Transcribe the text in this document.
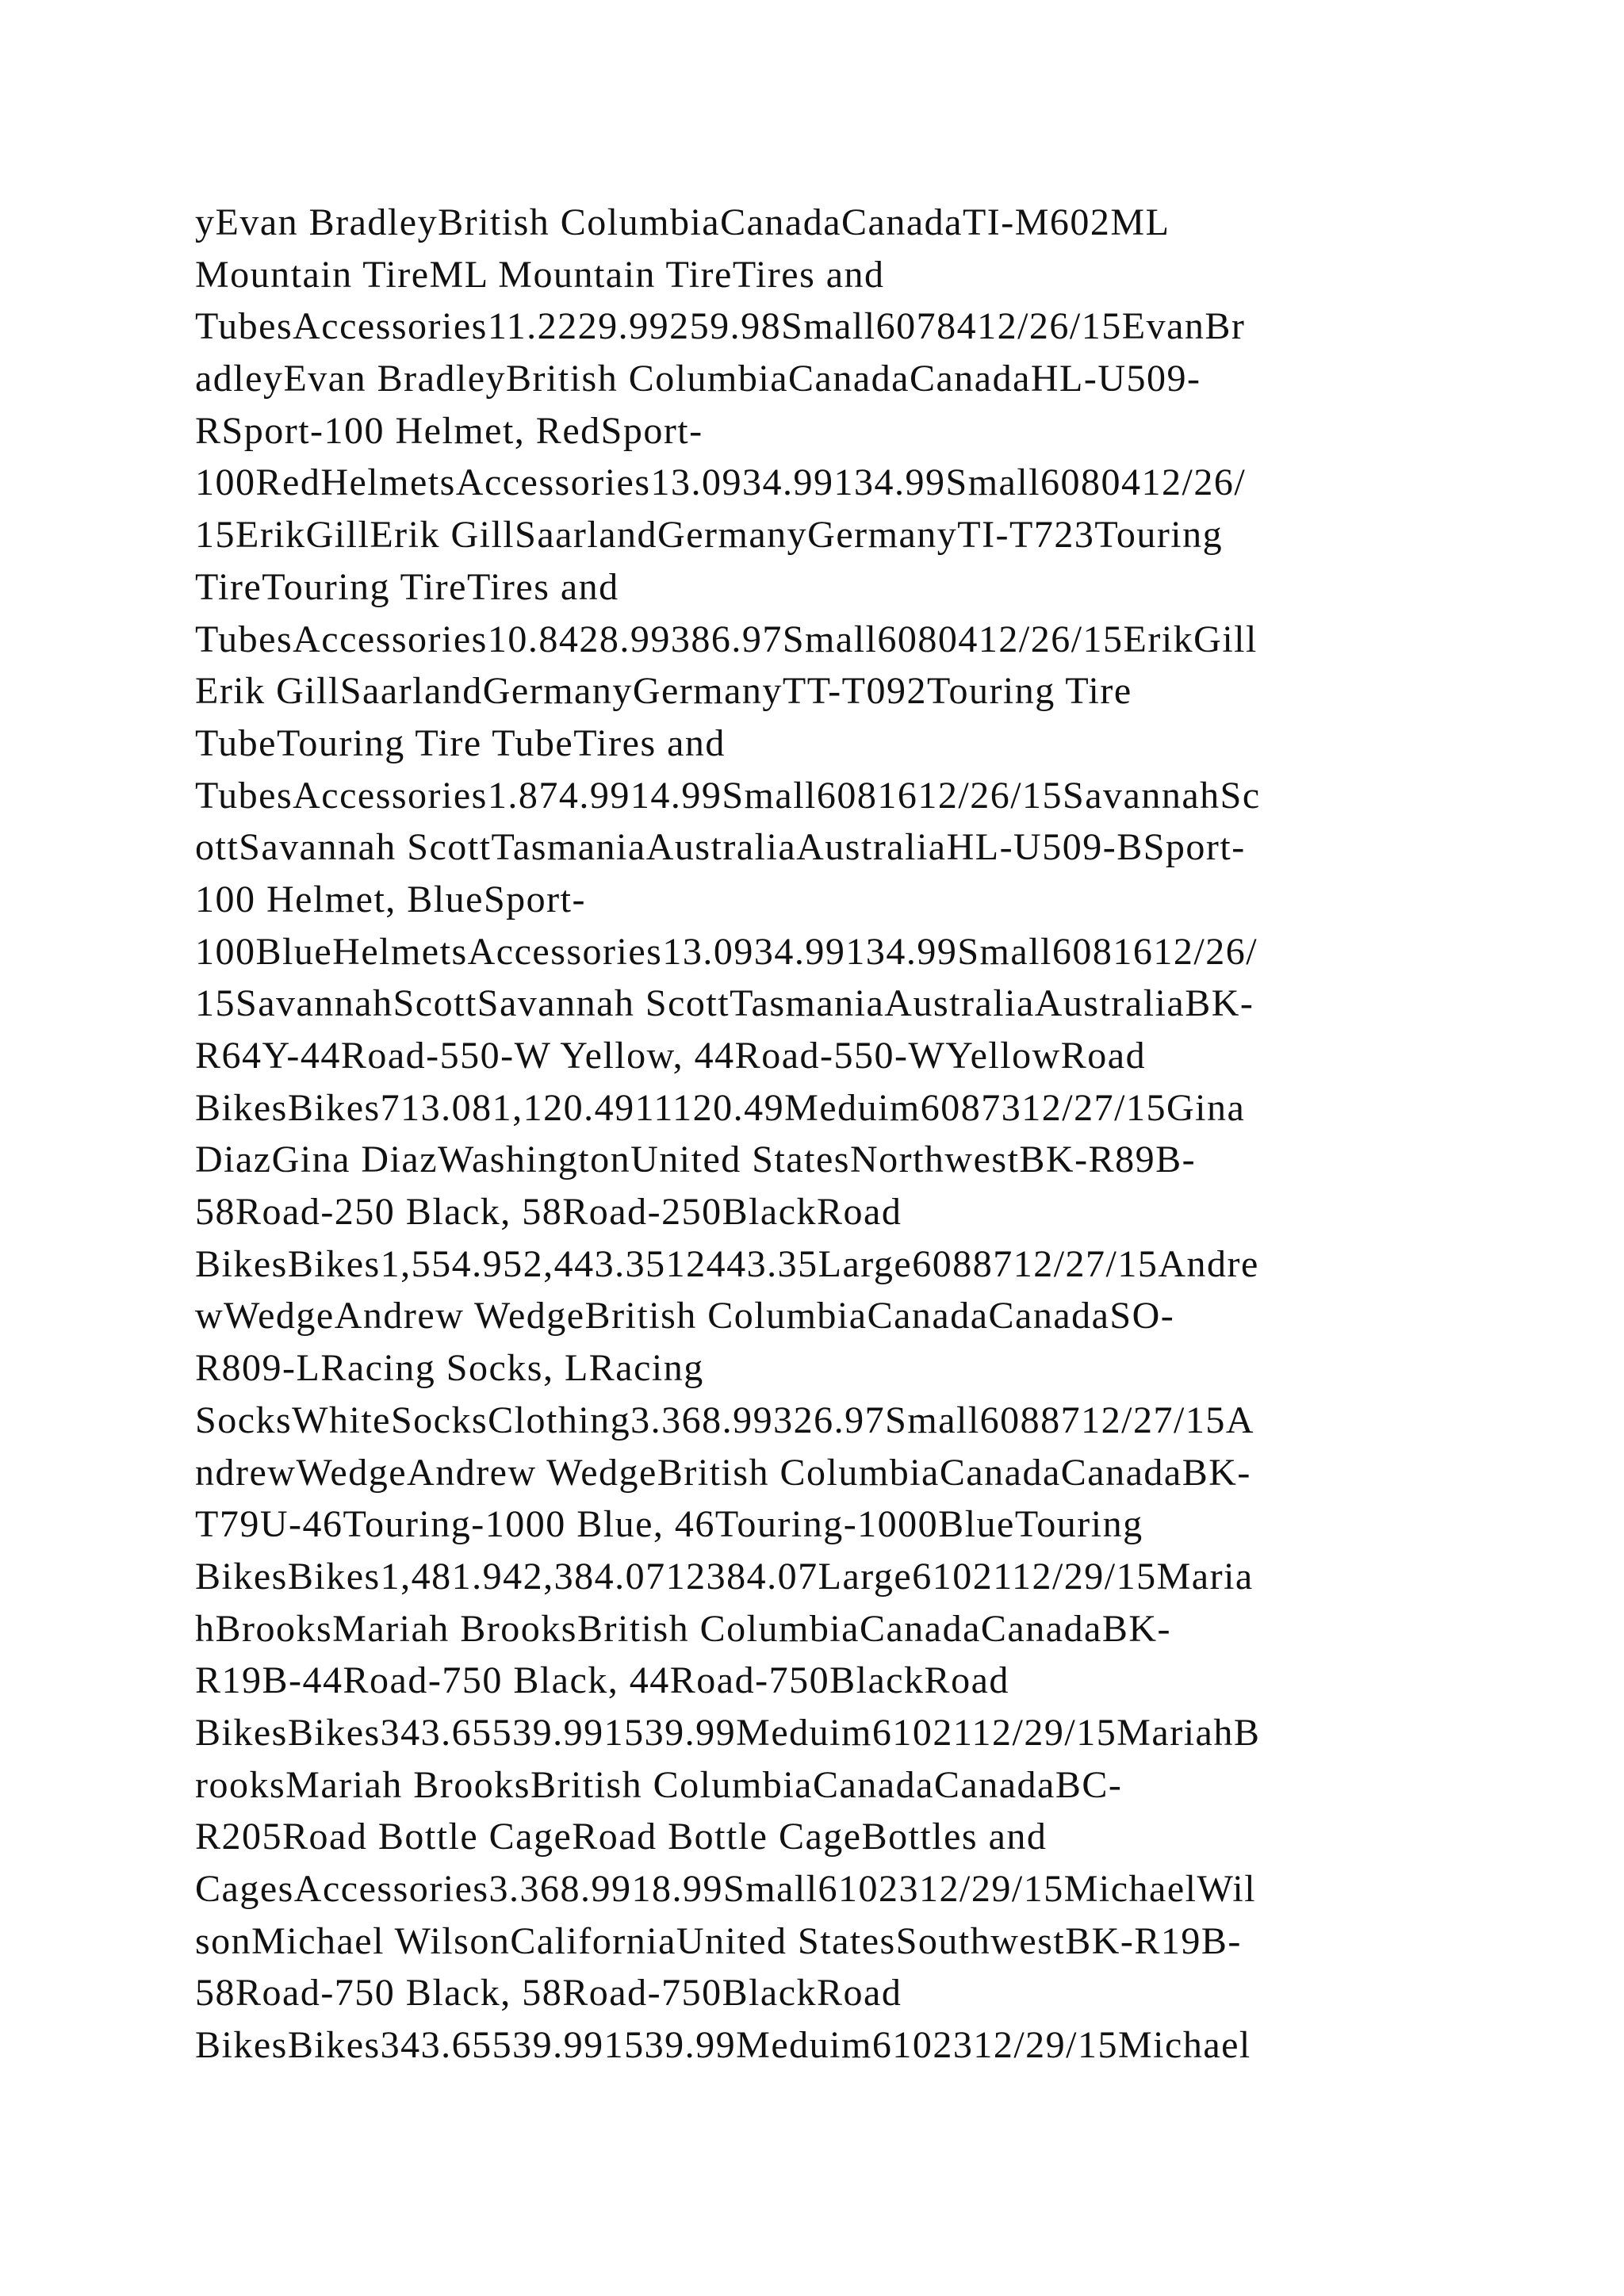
yEvan BradleyBritish ColumbiaCanadaCanadaTI-M602ML
Mountain TireML Mountain TireTires and
TubesAccessories11.2229.99259.98Small6078412/26/15EvanBr
adleyEvan BradleyBritish ColumbiaCanadaCanadaHL-U509-
RSport-100 Helmet, RedSport-
100RedHelmetsAccessories13.0934.99134.99Small6080412/26/
15ErikGillErik GillSaarlandGermanyGermanyTI-T723Touring
TireTouring TireTires and
TubesAccessories10.8428.99386.97Small6080412/26/15ErikGill
Erik GillSaarlandGermanyGermanyTT-T092Touring Tire
TubeTouring Tire TubeTires and
TubesAccessories1.874.9914.99Small6081612/26/15SavannahSc
ottSavannah ScottTasmaniaAustraliaAustraliaHL-U509-BSport-
100 Helmet, BlueSport-
100BlueHelmetsAccessories13.0934.99134.99Small6081612/26/
15SavannahScottSavannah ScottTasmaniaAustraliaAustraliaBK-
R64Y-44Road-550-W Yellow, 44Road-550-WYellowRoad
BikesBikes713.081,120.4911120.49Meduim6087312/27/15Gina
DiazGina DiazWashingtonUnited StatesNorthwestBK-R89B-
58Road-250 Black, 58Road-250BlackRoad
BikesBikes1,554.952,443.3512443.35Large6088712/27/15Andre
wWedgeAndrew WedgeBritish ColumbiaCanadaCanadaSO-
R809-LRacing Socks, LRacing
SocksWhiteSocksClothing3.368.99326.97Small6088712/27/15A
ndrewWedgeAndrew WedgeBritish ColumbiaCanadaCanadaBK-
T79U-46Touring-1000 Blue, 46Touring-1000BlueTouring
BikesBikes1,481.942,384.0712384.07Large6102112/29/15Maria
hBrooksMariah BrooksBritish ColumbiaCanadaCanadaBK-
R19B-44Road-750 Black, 44Road-750BlackRoad
BikesBikes343.65539.991539.99Meduim6102112/29/15MariahB
rooksMariah BrooksBritish ColumbiaCanadaCanadaBC-
R205Road Bottle CageRoad Bottle CageBottles and
CagesAccessories3.368.9918.99Small6102312/29/15MichaelWil
sonMichael WilsonCaliforniaUnited StatesSouthwestBK-R19B-
58Road-750 Black, 58Road-750BlackRoad
BikesBikes343.65539.991539.99Meduim6102312/29/15Michael
